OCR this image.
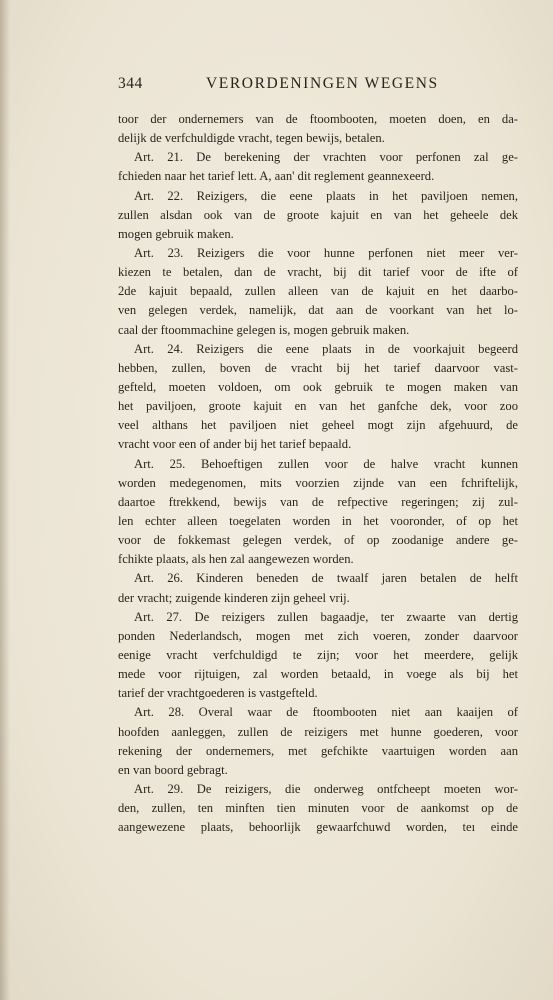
344	VERORDENINGEN WEGENS
toor der ondernemers van de ftoombooten, moeten doen, en da-
delijk de verfchuldigde vracht, tegen bewijs, betalen.
Art. 21. De berekening der vrachten voor perfonen zal ge-
fchieden naar het tarief lett. A, aan' dit reglement geannexeerd.
Art. 22. Reizigers, die eene plaats in het paviljoen nemen,
zullen alsdan ook van de groote kajuit en van het geheele dek
mogen gebruik maken.
Art. 23. Reizigers die voor hunne perfonen niet meer ver-
kiezen te betalen, dan de vracht, bij dit tarief voor de ifte of
2de kajuit bepaald, zullen alleen van de kajuit en het daarbo-
ven gelegen verdek, namelijk, dat aan de voorkant van het lo-
caal der ftoommachine gelegen is, mogen gebruik maken.
Art. 24. Reizigers die eene plaats in de voorkajuit begeerd
hebben, zullen, boven de vracht bij het tarief daarvoor vast-
gefteld, moeten voldoen, om ook gebruik te mogen maken van
het paviljoen, groote kajuit en van het ganfche dek, voor zoo
veel althans het paviljoen niet geheel mogt zijn afgehuurd, de
vracht voor een of ander bij het tarief bepaald.
Art. 25. Behoeftigen zullen voor de halve vracht kunnen
worden medegenomen, mits voorzien zijnde van een fchriftelijk,
daartoe ftrekkend, bewijs van de refpective regeringen; zij zul-
len echter alleen toegelaten worden in het vooronder, of op het
voor de fokkemast gelegen verdek, of op zoodanige andere ge-
fchikte plaats, als hen zal aangewezen worden.
Art. 26. Kinderen beneden de twaalf jaren betalen de helft
der vracht; zuigende kinderen zijn geheel vrij.
Art. 27. De reizigers zullen bagaadje, ter zwaarte van dertig
ponden Nederlandsch, mogen met zich voeren, zonder daarvoor
eenige vracht verfchuldigd te zijn; voor het meerdere, gelijk
mede voor rijtuigen, zal worden betaald, in voege als bij het
tarief der vrachtgoederen is vastgefteld.
Art. 28. Overal waar de ftoombooten niet aan kaaijen of
hoofden aanleggen, zullen de reizigers met hunne goederen, voor
rekening der ondernemers, met gefchikte vaartuigen worden aan
en van boord gebragt.
Art. 29. De reizigers, die onderweg ontfcheept moeten wor-
den, zullen, ten minften tien minuten voor de aankomst op de
aangewezene plaats, behoorlijk gewaarfchuwd worden, teı einde
